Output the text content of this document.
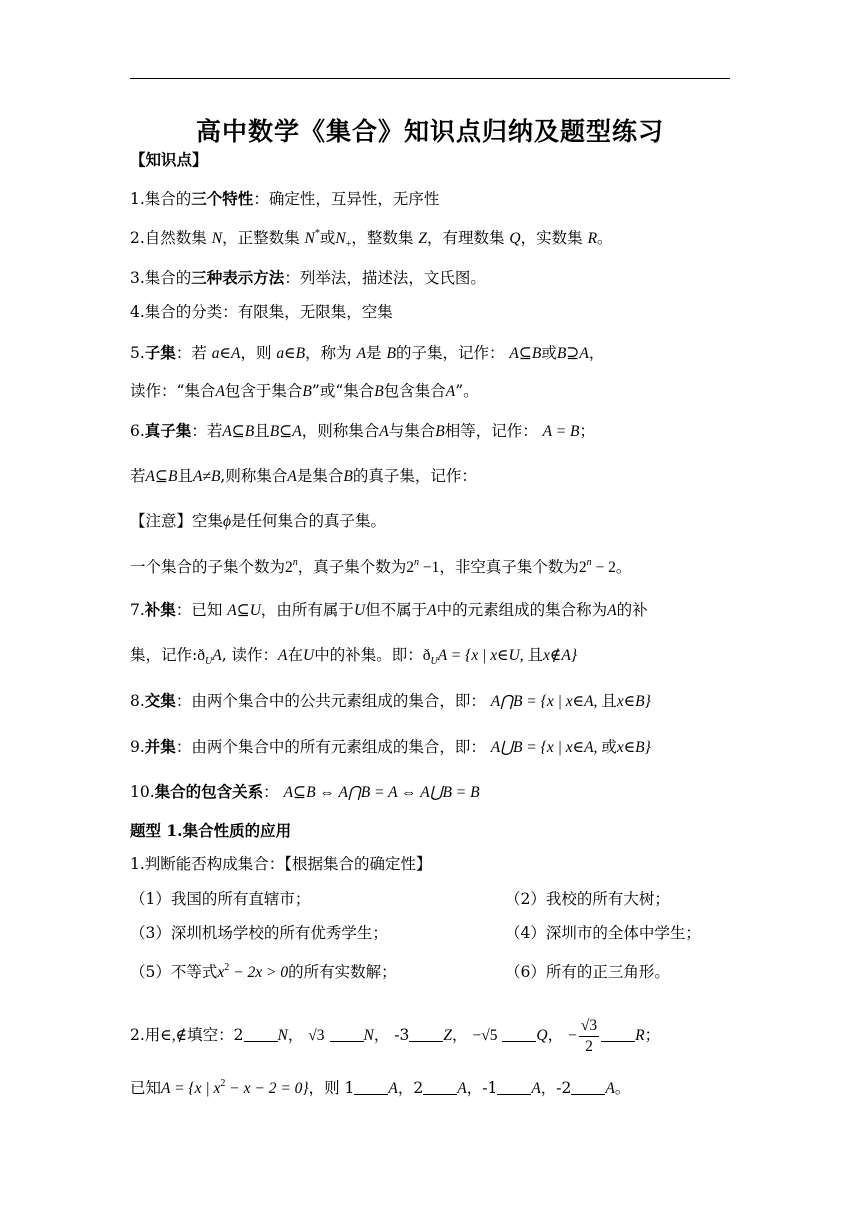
高中数学《集合》知识点归纳及题型练习
【知识点】
1.集合的三个特性：确定性，互异性，无序性
2.自然数集 N，正整数集 N*或$N_+$，整数集 Z，有理数集 Q，实数集 R。
3.集合的三种表示方法：列举法，描述法，文氏图。
4.集合的分类：有限集，无限集，空集
5.子集：若 a∈A，则 a∈B，称为 A是 B的子集，记作： A⊆B或B⊇A，
读作：“集合A包含于集合B”或“集合B包含集合A”。
6.真子集：若A⊆B且B⊆A，则称集合A与集合B相等，记作： A = B；
若A⊆B且A≠B,则称集合A是集合B的真子集，记作：
【注意】空集ϕ是任何集合的真子集。
一个集合的子集个数为2$^n$，真子集个数为$2^n -1$，非空真子集个数为$2^n - 2$。
7.补集：已知 A⊆U，由所有属于U但不属于A中的元素组成的集合称为A的补
集，记作$:ð_UA$, 读作：A在U中的补集。即：$ð_UA = \{x$ | x∈U, 且x∉A}
8.交集：由两个集合中的公共元素组成的集合，即： A⋂B = {x | x∈A, 且x∈B}
9.并集：由两个集合中的所有元素组成的集合，即： A⋃B = {x | x∈A, 或x∈B}
10.集合的包含关系： A⊆B ⇔ A⋂B = A ⇔ A⋃B = B
题型 1.集合性质的应用
1.判断能否构成集合：【根据集合的确定性】
（1）我国的所有直辖市；	（2）我校的所有大树；
（3）深圳机场学校的所有优秀学生；	（4）深圳市的全体中学生；
（5）不等式$x^2 - 2x > 0$的所有实数解；	（6）所有的正三角形。
2.用∈,∉填空：2 N， √3	N， -3 Z， −√5	Q， − $\frac{√3}{2}$ R；
已知A = {x | $x^2 - x - 2 = 0$}，则 1 A，2 A，-1 A，-2 A。
